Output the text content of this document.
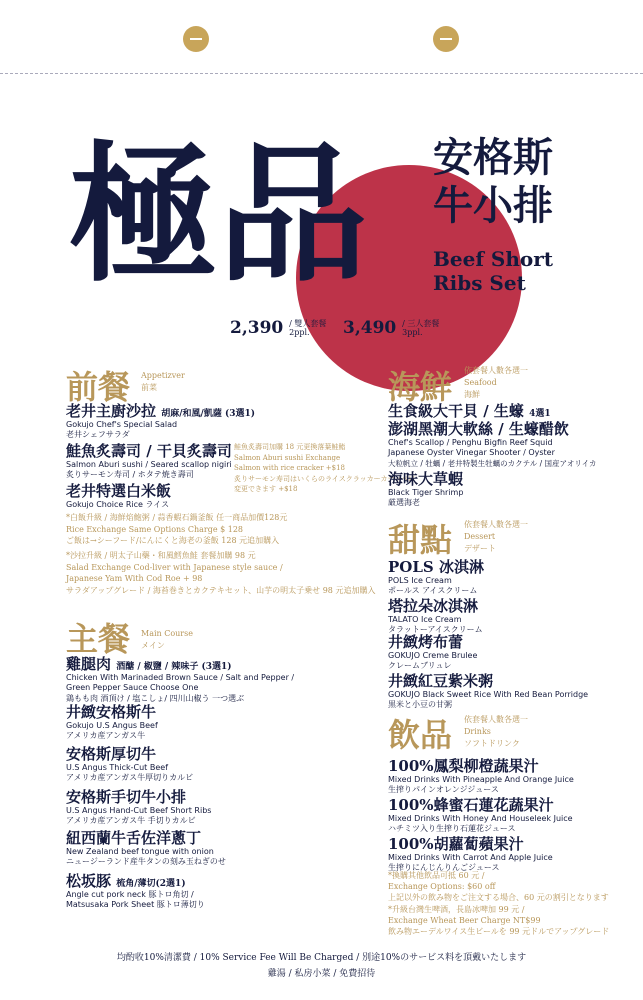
極 品 安格斯
牛小排
Beef Short
Ribs Set
2,390 / 雙人套餐
2ppl.	3,490 / 三人套餐
3ppl.
前餐 Appetizver
前菜
老井主廚沙拉 胡麻/和風/凱薩 (3選1)
Gokujo Chef's Special Salad
老井シェフサラダ
鮭魚炙壽司 / 干貝炙壽司
Salmon Aburi sushi / Seared scallop nigiri
炙りサーモン寿司 / ホタテ焼き壽司
鮭魚炙壽司加購 18 元更換落葉鮭鮨
Salmon Aburi sushi Exchange
Salmon with rice cracker +$18
炙りサーモン寿司はいくらのライスクラッカーカナッペに
変更できます +$18
老井特選白米飯
Gokujo Choice Rice ライス
*白飯升級 / 海鮮焰鮑粥 / 蒜香蝦石鍋釜飯 任一商品加價128元
Rice Exchange Same Options Charge $ 128
ご飯は→シーフード/にんにくと海老の釜飯 128 元追加購入
*沙拉升級 / 明太子山藥・和風鱈魚鮭 套餐加購 98 元
Salad Exchange Cod-liver with Japanese style sauce /
Japanese Yam With Cod Roe + 98
サラダアップグレード / 海苔巻きとカクテキセット、山芋の明太子乗せ 98 元追加購入
主餐 Main Course
メイン
雞腿肉 酒醣 / 椒鹽 / 辣味子 (3選1)
Chicken With Marinaded Brown Sauce / Salt and Pepper /
Green Pepper Sauce Choose One
鶏もも肉 酒頂け / 塩こしょ/ 四川山椒う 一つ選ぶ
井緻安格斯牛
Gokujo U.S Angus Beef
アメリカ産アンガス牛
安格斯厚切牛
U.S Angus Thick-Cut Beef
アメリカ産アンガス牛厚切りカルビ
安格斯手切牛小排
U.S Angus Hand-Cut Beef Short Ribs
アメリカ産アンガス牛 手切りカルビ
紐西蘭牛舌佐洋蔥丁
New Zealand beef tongue with onion
ニュージーランド産牛タンの刻み玉ねぎのせ
松坂豚 梳角/薄切(2選1)
Angle cut pork neck 豚トロ角切 /
Matsusaka Pork Sheet 豚トロ薄切り
海鮮 依套餐人數各選一
Seafood
海鮮
生食級大干貝 / 生蠔 4選1
澎湖黑潮大軟絲 / 生蠔醋飲
Chef's Scallop / Penghu Bigfin Reef Squid
Japanese Oyster Vinegar Shooter / Oyster
大粒帆立 / 牡蠣 / 老井特製生牡蠣のカクテル / 国産アオリイカ
海味大草蝦
Black Tiger Shrimp
厳選海老
甜點 依套餐人數各選一
Dessert
デザート
POLS 冰淇淋
POLS Ice Cream
ポールス アイスクリーム
塔拉朵冰淇淋
TALATO Ice Cream
タラットーアイスクリーム
井緻烤布蕾
GOKUJO Creme Brulee
クレームブリュレ
井緻紅豆紫米粥
GOKUJO Black Sweet Rice With Red Bean Porridge
黒米と小豆の甘粥
飲品 依套餐人數各選一
Drinks
ソフトドリンク
100%鳳梨柳橙蔬果汁
Mixed Drinks With Pineapple And Orange Juice
生搾りパインオレンジジュース
100%蜂蜜石蓮花蔬果汁
Mixed Drinks With Honey And Houseleek Juice
ハチミツ入り生搾り石蓮花ジュース
100%胡蘿蔔蘋果汁
Mixed Drinks With Carrot And Apple Juice
生搾りにんじんりんごジュース
*換購其他飲品可抵 60 元 /
Exchange Options: $60 off
上記以外の飲み物をご注文する場合、60 元の割引となります
*升級台灣生啤酒，長島冰啤加 99 元 /
Exchange Wheat Beer Charge NT$99
飲み物エーデルワイス生ビールを 99 元ドルでアップグレード
均酌收10%清潔費 / 10% Service Fee Will Be Charged / 別途10%のサービス料を頂戴いたします
雞湯 / 私房小菜 / 免費招待
